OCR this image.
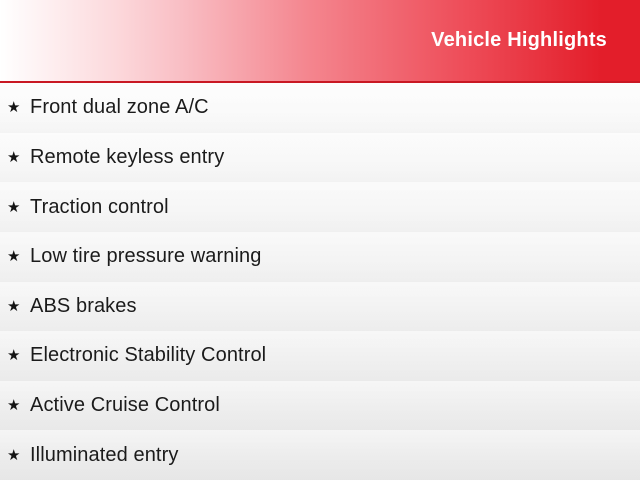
Vehicle Highlights
★ Front dual zone A/C
★ Remote keyless entry
★ Traction control
★ Low tire pressure warning
★ ABS brakes
★ Electronic Stability Control
★ Active Cruise Control
★ Illuminated entry
